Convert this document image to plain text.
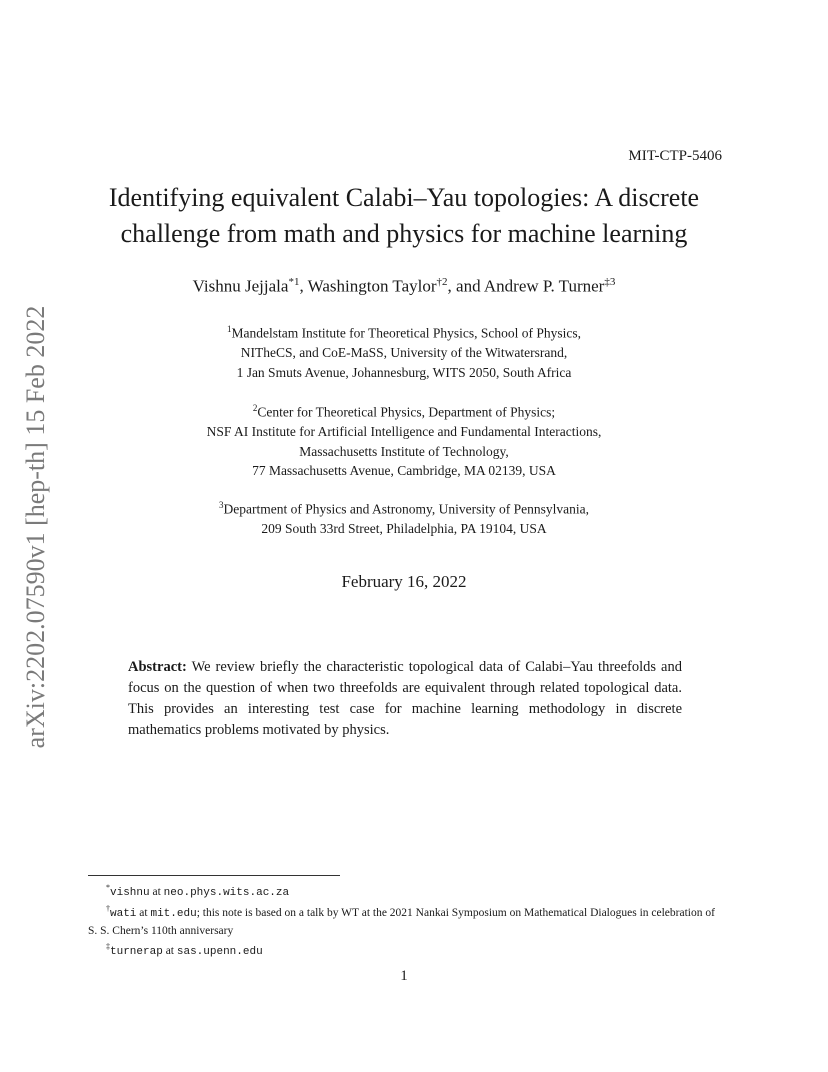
arXiv:2202.07590v1 [hep-th] 15 Feb 2022
MIT-CTP-5406
Identifying equivalent Calabi–Yau topologies: A discrete
challenge from math and physics for machine learning
Vishnu Jejjala$^{*1}$, Washington Taylor$^{\dagger 2}$, and Andrew P. Turner$^{\ddagger 3}$
$^1$Mandelstam Institute for Theoretical Physics, School of Physics,
NITheCS, and CoE-MaSS, University of the Witwatersrand,
1 Jan Smuts Avenue, Johannesburg, WITS 2050, South Africa
$^2$Center for Theoretical Physics, Department of Physics;
NSF AI Institute for Artificial Intelligence and Fundamental Interactions,
Massachusetts Institute of Technology,
77 Massachusetts Avenue, Cambridge, MA 02139, USA
$^3$Department of Physics and Astronomy, University of Pennsylvania,
209 South 33rd Street, Philadelphia, PA 19104, USA
February 16, 2022
Abstract: We review briefly the characteristic topological data of Calabi–Yau threefolds and focus on the question of when two threefolds are equivalent through related topological data. This provides an interesting test case for machine learning methodology in discrete mathematics problems motivated by physics.
*vishnu at neo.phys.wits.ac.za
†wati at mit.edu; this note is based on a talk by WT at the 2021 Nankai Symposium on Mathematical Dialogues in celebration of S. S. Chern’s 110th anniversary
‡turnerap at sas.upenn.edu
1
